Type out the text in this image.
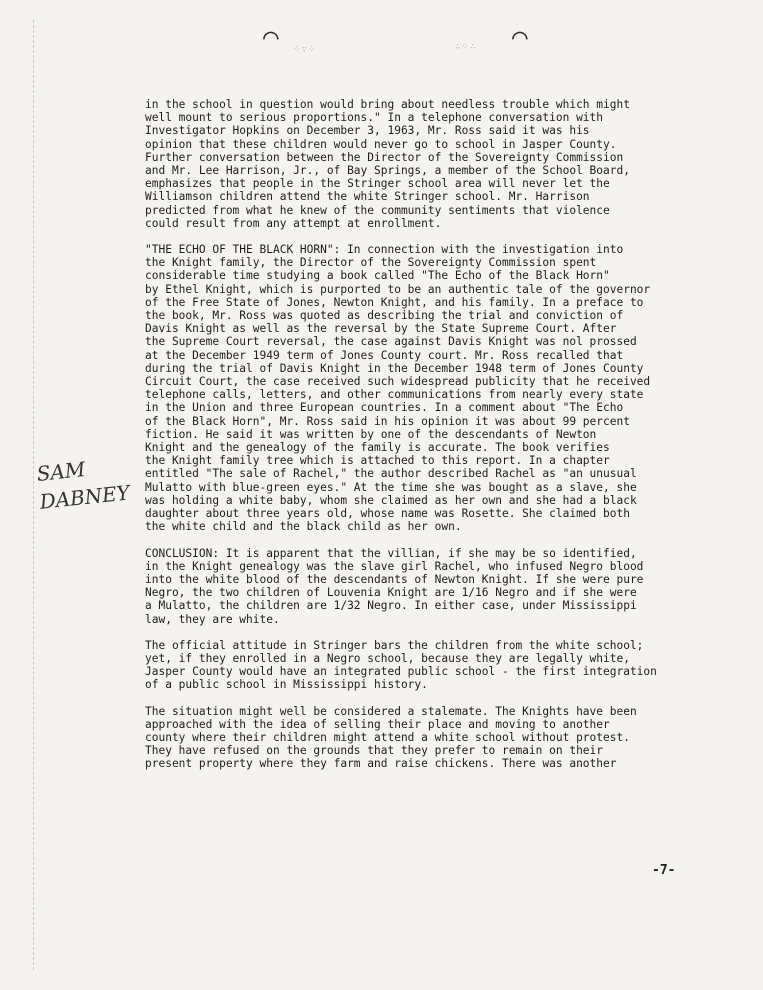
⌒	⌒
⁘∵⁘	∴⁘∴
in the school in question would bring about needless trouble which might
well mount to serious proportions." In a telephone conversation with
Investigator Hopkins on December 3, 1963, Mr. Ross said it was his
opinion that these children would never go to school in Jasper County.
Further conversation between the Director of the Sovereignty Commission
and Mr. Lee Harrison, Jr., of Bay Springs, a member of the School Board,
emphasizes that people in the Stringer school area will never let the
Williamson children attend the white Stringer school. Mr. Harrison
predicted from what he knew of the community sentiments that violence
could result from any attempt at enrollment.
"THE ECHO OF THE BLACK HORN": In connection with the investigation into
the Knight family, the Director of the Sovereignty Commission spent
considerable time studying a book called "The Echo of the Black Horn"
by Ethel Knight, which is purported to be an authentic tale of the governor
of the Free State of Jones, Newton Knight, and his family. In a preface to
the book, Mr. Ross was quoted as describing the trial and conviction of
Davis Knight as well as the reversal by the State Supreme Court. After
the Supreme Court reversal, the case against Davis Knight was nol prossed
at the December 1949 term of Jones County court. Mr. Ross recalled that
during the trial of Davis Knight in the December 1948 term of Jones County
Circuit Court, the case received such widespread publicity that he received
telephone calls, letters, and other communications from nearly every state
in the Union and three European countries. In a comment about "The Echo
of the Black Horn", Mr. Ross said in his opinion it was about 99 percent
fiction. He said it was written by one of the descendants of Newton
Knight and the genealogy of the family is accurate. The book verifies
the Knight family tree which is attached to this report. In a chapter
entitled "The sale of Rachel," the author described Rachel as "an unusual
Mulatto with blue-green eyes." At the time she was bought as a slave, she
was holding a white baby, whom she claimed as her own and she had a black
daughter about three years old, whose name was Rosette. She claimed both
the white child and the black child as her own.
CONCLUSION: It is apparent that the villian, if she may be so identified,
in the Knight genealogy was the slave girl Rachel, who infused Negro blood
into the white blood of the descendants of Newton Knight. If she were pure
Negro, the two children of Louvenia Knight are 1/16 Negro and if she were
a Mulatto, the children are 1/32 Negro. In either case, under Mississippi
law, they are white.
The official attitude in Stringer bars the children from the white school;
yet, if they enrolled in a Negro school, because they are legally white,
Jasper County would have an integrated public school - the first integration
of a public school in Mississippi history.
The situation might well be considered a stalemate. The Knights have been
approached with the idea of selling their place and moving to another
county where their children might attend a white school without protest.
They have refused on the grounds that they prefer to remain on their
present property where they farm and raise chickens. There was another
SAM
DABNEY
-7-
